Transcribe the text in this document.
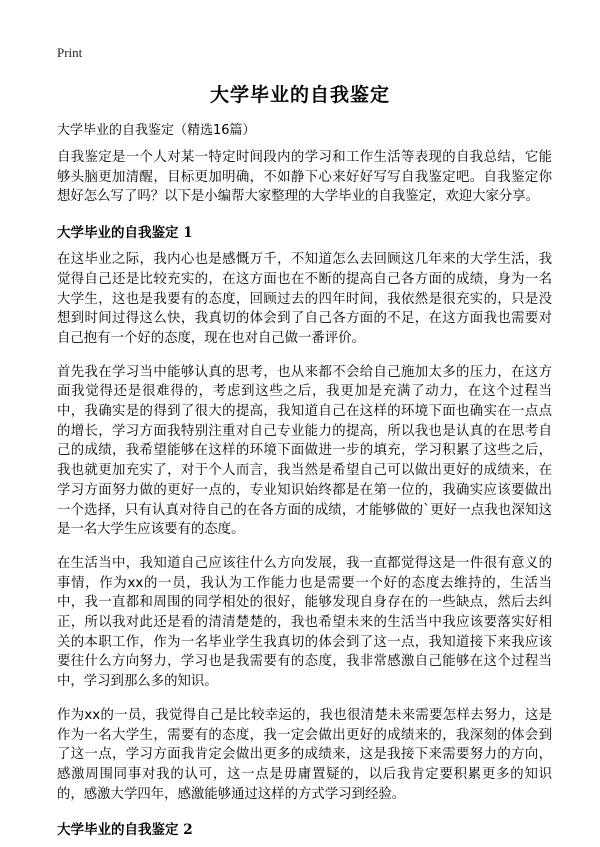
Print
大学毕业的自我鉴定
大学毕业的自我鉴定（精选16篇）

自我鉴定是一个人对某一特定时间段内的学习和工作生活等表现的自我总结，它能够头脑更加清醒，目标更加明确，不如静下心来好好写写自我鉴定吧。自我鉴定你想好怎么写了吗？以下是小编帮大家整理的大学毕业的自我鉴定，欢迎大家分享。

大学毕业的自我鉴定 1

在这毕业之际，我内心也是感慨万千，不知道怎么去回顾这几年来的大学生活，我觉得自己还是比较充实的，在这方面也在不断的提高自己各方面的成绩，身为一名大学生，这也是我要有的态度，回顾过去的四年时间，我依然是很充实的，只是没想到时间过得这么快，我真切的体会到了自己各方面的不足，在这方面我也需要对自己抱有一个好的态度，现在也对自己做一番评价。

首先我在学习当中能够认真的思考，也从来都不会给自己施加太多的压力，在这方面我觉得还是很难得的，考虑到这些之后，我更加是充满了动力，在这个过程当中，我确实是的得到了很大的提高，我知道自己在这样的环境下面也确实在一点点的增长，学习方面我特别注重对自己专业能力的提高，所以我也是认真的在思考自己的成绩，我希望能够在这样的环境下面做进一步的填充，学习积累了这些之后，我也就更加充实了，对于个人而言，我当然是希望自己可以做出更好的成绩来，在学习方面努力做的更好一点的，专业知识始终都是在第一位的，我确实应该要做出一个选择，只有认真对待自己的在各方面的成绩，才能够做的`更好一点我也深知这是一名大学生应该要有的态度。

在生活当中，我知道自己应该往什么方向发展，我一直都觉得这是一件很有意义的事情，作为xx的一员，我认为工作能力也是需要一个好的态度去维持的，生活当中，我一直都和周围的同学相处的很好，能够发现自身存在的一些缺点，然后去纠正，所以我对此还是看的清清楚楚的，我也希望未来的生活当中我应该要落实好相关的本职工作，作为一名毕业学生我真切的体会到了这一点，我知道接下来我应该要往什么方向努力，学习也是我需要有的态度，我非常感激自己能够在这个过程当中，学习到那么多的知识。

作为xx的一员，我觉得自己是比较幸运的，我也很清楚未来需要怎样去努力，这是作为一名大学生，需要有的态度，我一定会做出更好的成绩来的，我深刻的体会到了这一点，学习方面我肯定会做出更多的成绩来，这是我接下来需要努力的方向，感激周围同事对我的认可，这一点是毋庸置疑的，以后我肯定要积累更多的知识的，感激大学四年，感激能够通过这样的方式学习到经验。

大学毕业的自我鉴定 2
